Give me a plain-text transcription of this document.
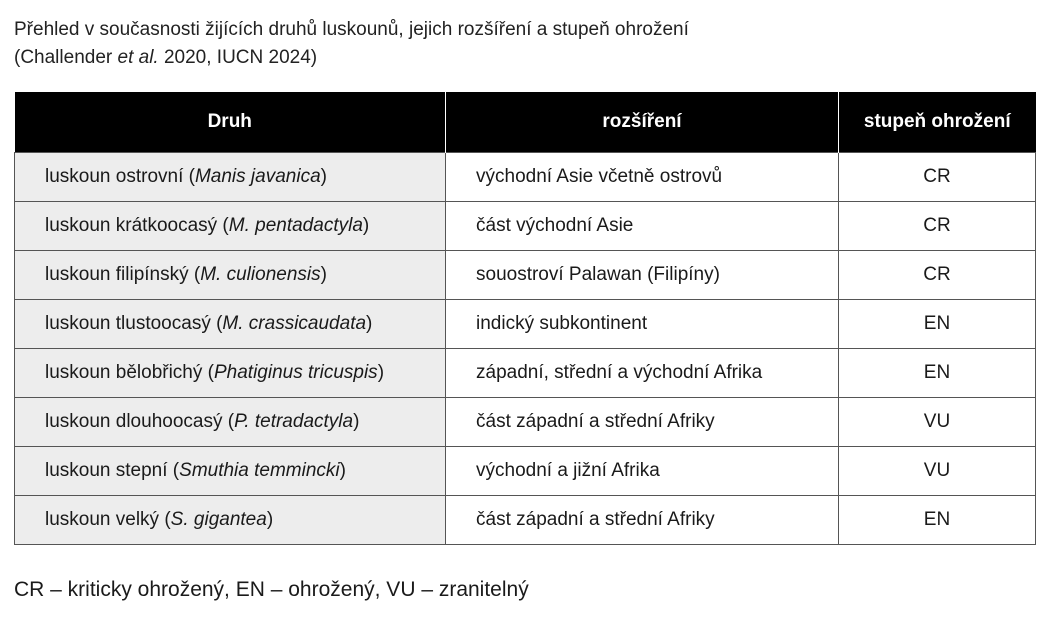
Přehled v současnosti žijících druhů luskounů, jejich rozšíření a stupeň ohrožení
(Challender et al. 2020, IUCN 2024)
Druh	rozšíření	stupeň ohrožení
luskoun ostrovní (Manis javanica)	východní Asie včetně ostrovů	CR
luskoun krátkoocasý (M. pentadactyla)	část východní Asie	CR
luskoun filipínský (M. culionensis)	souostroví Palawan (Filipíny)	CR
luskoun tlustoocasý (M. crassicaudata)	indický subkontinent	EN
luskoun bělobřichý (Phatiginus tricuspis)	západní, střední a východní Afrika	EN
luskoun dlouhoocasý (P. tetradactyla)	část západní a střední Afriky	VU
luskoun stepní (Smuthia temmincki)	východní a jižní Afrika	VU
luskoun velký (S. gigantea)	část západní a střední Afriky	EN
CR – kriticky ohrožený, EN – ohrožený, VU – zranitelný
